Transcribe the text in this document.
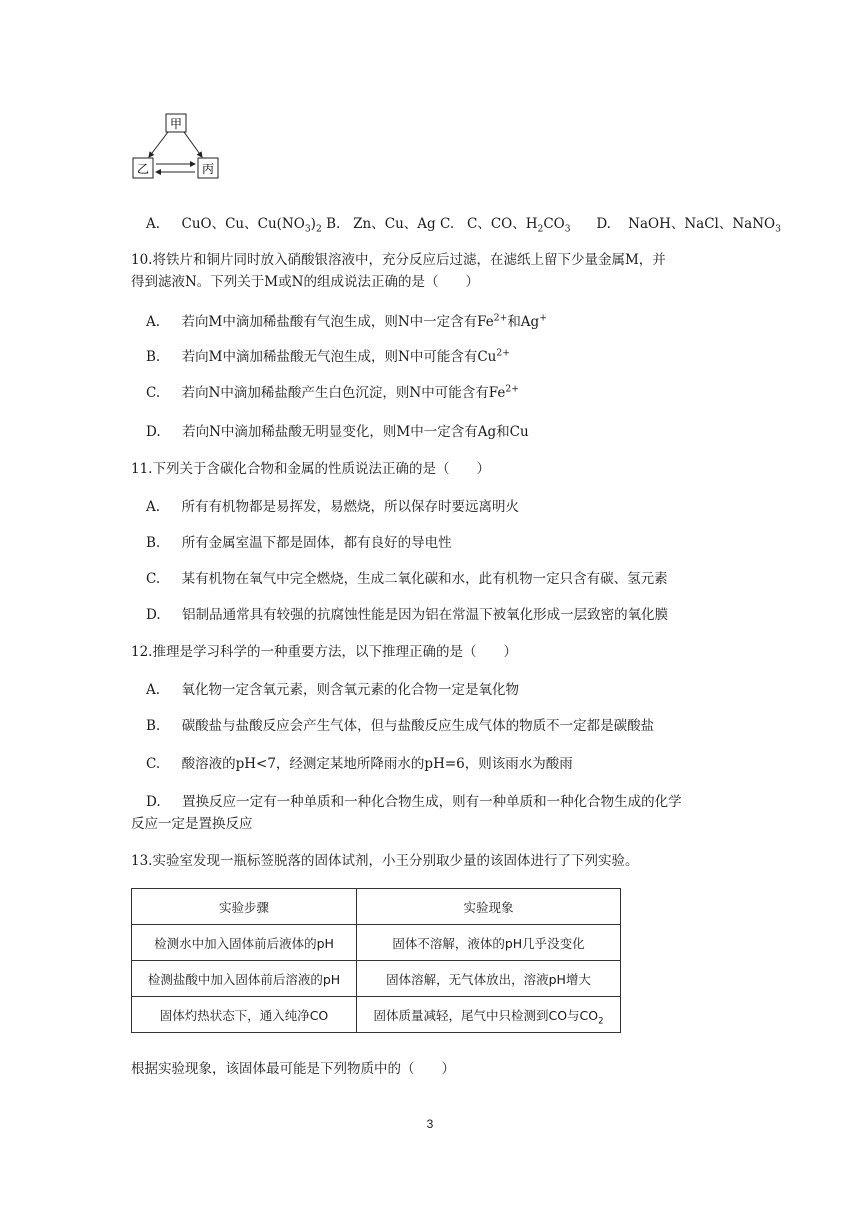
甲
乙	丙
A. CuO、Cu、$Cu(NO_3)_2$ B. Zn、Cu、Ag C. C、CO、$H_2CO_3$ D. NaOH、NaCl、NaNO$_3$
10.将铁片和铜片同时放入硝酸银溶液中，充分反应后过滤，在滤纸上留下少量金属M，并
得到滤液N。下列关于M或N的组成说法正确的是（　　）
A. 若向M中滴加稀盐酸有气泡生成，则N中一定含有$Fe^{2+}$和Ag+
B. 若向M中滴加稀盐酸无气泡生成，则N中可能含有$Cu^{2+}$
C. 若向N中滴加稀盐酸产生白色沉淀，则N中可能含有$Fe^{2+}$
D. 若向N中滴加稀盐酸无明显变化，则M中一定含有Ag和Cu
11.下列关于含碳化合物和金属的性质说法正确的是（　　）
A. 所有有机物都是易挥发，易燃烧，所以保存时要远离明火
B. 所有金属室温下都是固体，都有良好的导电性
C. 某有机物在氧气中完全燃烧，生成二氧化碳和水，此有机物一定只含有碳、氢元素
D. 铝制品通常具有较强的抗腐蚀性能是因为铝在常温下被氧化形成一层致密的氧化膜
12.推理是学习科学的一种重要方法，以下推理正确的是（　　）
A. 氧化物一定含氧元素，则含氧元素的化合物一定是氧化物
B. 碳酸盐与盐酸反应会产生气体，但与盐酸反应生成气体的物质不一定都是碳酸盐
C. 酸溶液的pH<7，经测定某地所降雨水的pH=6，则该雨水为酸雨
D. 置换反应一定有一种单质和一种化合物生成，则有一种单质和一种化合物生成的化学
反应一定是置换反应
13.实验室发现一瓶标签脱落的固体试剂，小王分别取少量的该固体进行了下列实验。
实验步骤	实验现象
检测水中加入固体前后液体的pH	固体不溶解，液体的pH几乎没变化
检测盐酸中加入固体前后溶液的pH	固体溶解，无气体放出，溶液pH增大
固体灼热状态下，通入纯净CO	固体质量减轻，尾气中只检测到CO与$CO_2$
根据实验现象，该固体最可能是下列物质中的（　　）
3
